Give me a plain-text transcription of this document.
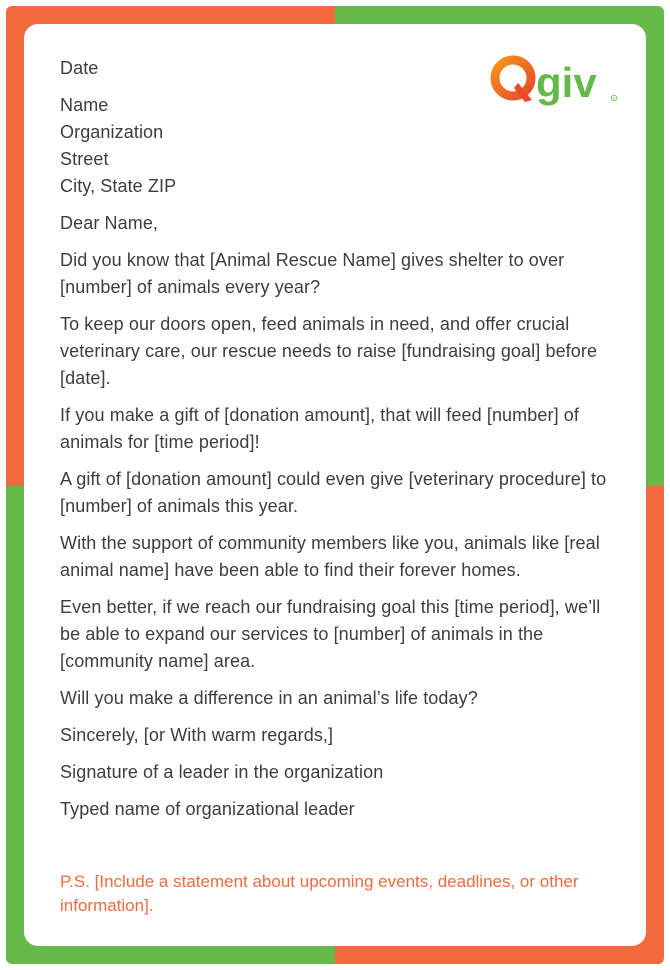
giv	R

Date

Name
Organization
Street
City, State ZIP

Dear Name,

Did you know that [Animal Rescue Name] gives shelter to over [number] of animals every year?

To keep our doors open, feed animals in need, and offer crucial veterinary care, our rescue needs to raise [fundraising goal] before [date].

If you make a gift of [donation amount], that will feed [number] of animals for [time period]!

A gift of [donation amount] could even give [veterinary procedure] to [number] of animals this year.

With the support of community members like you, animals like [real animal name] have been able to find their forever homes.

Even better, if we reach our fundraising goal this [time period], we’ll be able to expand our services to [number] of animals in the [community name] area.

Will you make a difference in an animal’s life today?

Sincerely, [or With warm regards,]

Signature of a leader in the organization

Typed name of organizational leader

P.S. [Include a statement about upcoming events, deadlines, or other information].
